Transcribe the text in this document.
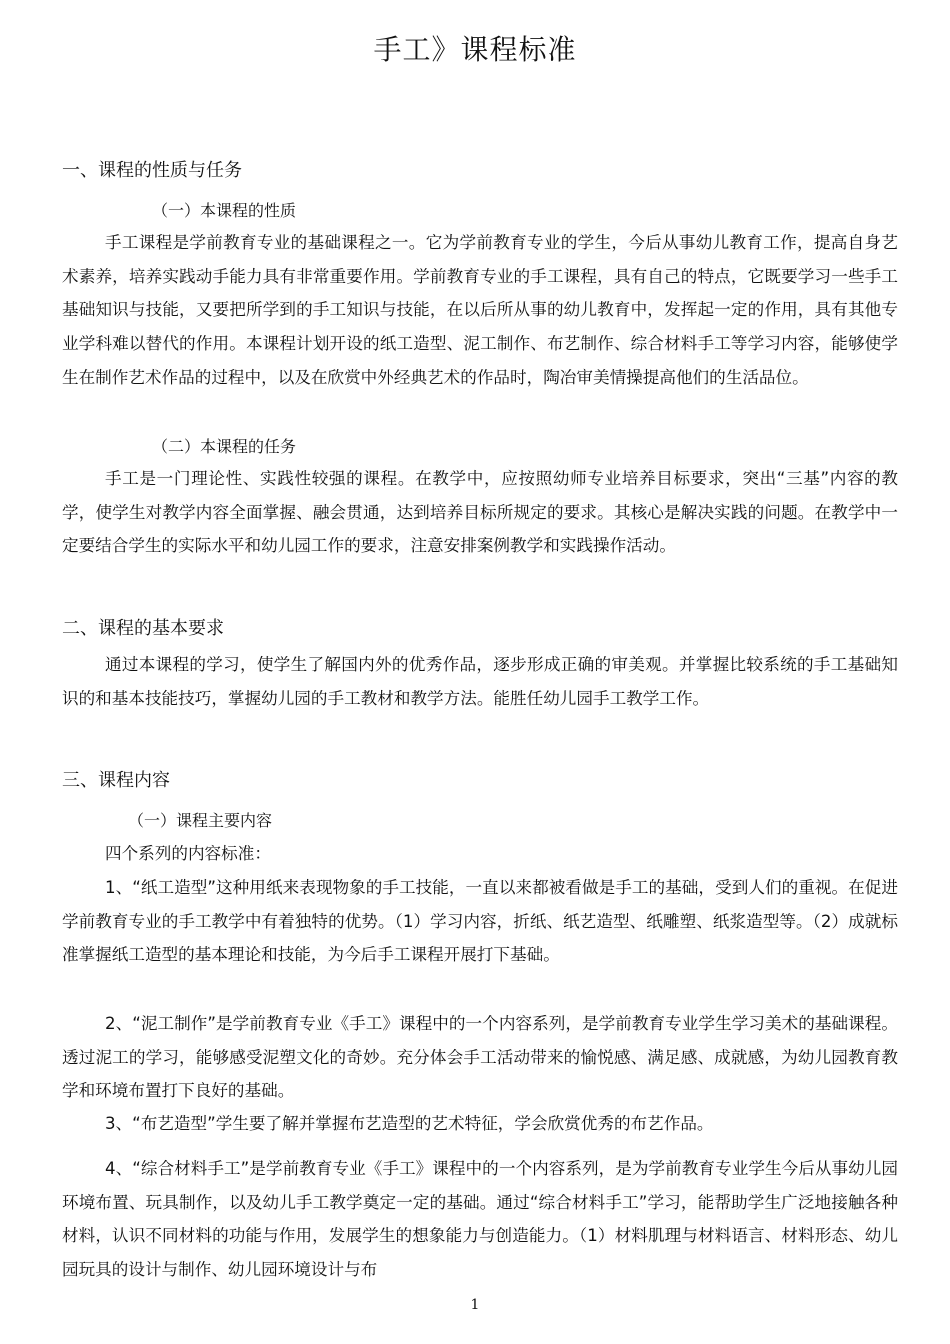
手工》课程标准
一、课程的性质与任务
（一）本课程的性质

手工课程是学前教育专业的基础课程之一。它为学前教育专业的学生，今后从事幼儿教育工作，提高自身艺术素养，培养实践动手能力具有非常重要作用。学前教育专业的手工课程，具有自己的特点，它既要学习一些手工基础知识与技能，又要把所学到的手工知识与技能，在以后所从事的幼儿教育中，发挥起一定的作用，具有其他专业学科难以替代的作用。本课程计划开设的纸工造型、泥工制作、布艺制作、综合材料手工等学习内容，能够使学生在制作艺术作品的过程中，以及在欣赏中外经典艺术的作品时，陶冶审美情操提高他们的生活品位。

（二）本课程的任务

手工是一门理论性、实践性较强的课程。在教学中，应按照幼师专业培养目标要求，突出“三基”内容的教学，使学生对教学内容全面掌握、融会贯通，达到培养目标所规定的要求。其核心是解决实践的问题。在教学中一定要结合学生的实际水平和幼儿园工作的要求，注意安排案例教学和实践操作活动。

二、课程的基本要求

通过本课程的学习，使学生了解国内外的优秀作品，逐步形成正确的审美观。并掌握比较系统的手工基础知识的和基本技能技巧，掌握幼儿园的手工教材和教学方法。能胜任幼儿园手工教学工作。

三、课程内容
（一）课程主要内容

四个系列的内容标准：

1、“纸工造型”这种用纸来表现物象的手工技能，一直以来都被看做是手工的基础，受到人们的重视。在促进学前教育专业的手工教学中有着独特的优势。（1）学习内容，折纸、纸艺造型、纸雕塑、纸浆造型等。（2）成就标准掌握纸工造型的基本理论和技能，为今后手工课程开展打下基础。

2、“泥工制作”是学前教育专业《手工》课程中的一个内容系列，是学前教育专业学生学习美术的基础课程。透过泥工的学习，能够感受泥塑文化的奇妙。充分体会手工活动带来的愉悦感、满足感、成就感，为幼儿园教育教学和环境布置打下良好的基础。

3、“布艺造型”学生要了解并掌握布艺造型的艺术特征，学会欣赏优秀的布艺作品。

4、“综合材料手工”是学前教育专业《手工》课程中的一个内容系列，是为学前教育专业学生今后从事幼儿园环境布置、玩具制作，以及幼儿手工教学奠定一定的基础。通过“综合材料手工”学习，能帮助学生广泛地接触各种材料，认识不同材料的功能与作用，发展学生的想象能力与创造能力。（1）材料肌理与材料语言、材料形态、幼儿园玩具的设计与制作、幼儿园环境设计与布

1
